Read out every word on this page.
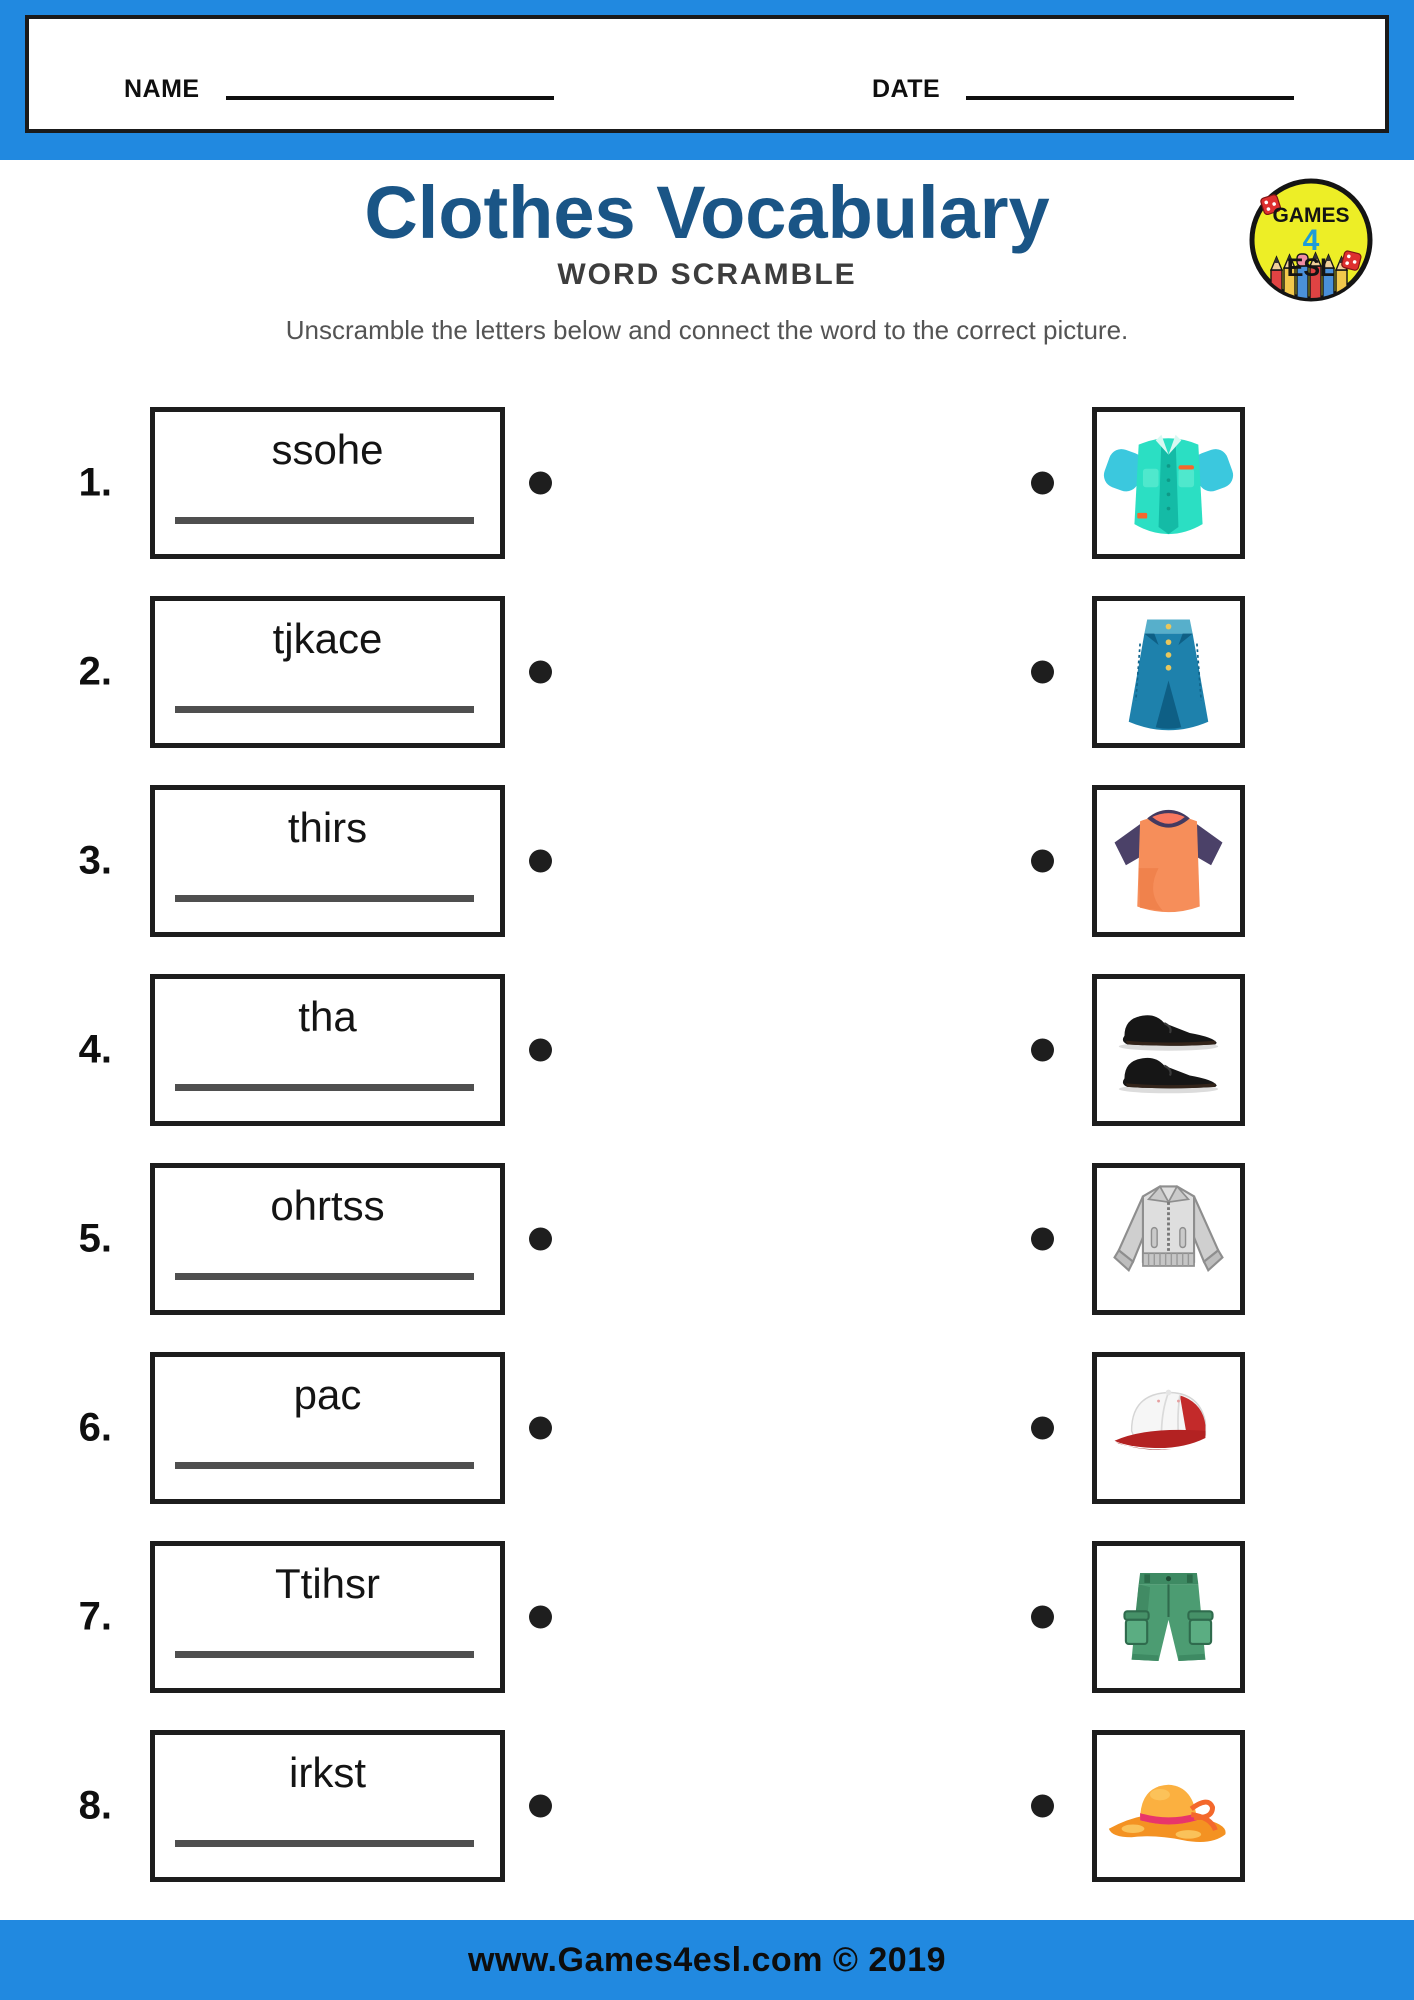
NAME	DATE
Clothes Vocabulary
WORD SCRAMBLE
GAMES
4
ESL

Unscramble the letters below and connect the word to the correct picture.

1.
ssohe
2.
tjkace
3.
thirs
4.
tha
5.
ohrtss
6.
pac
7.
Ttihsr
8.
irkst
www.Games4esl.com © 2019
